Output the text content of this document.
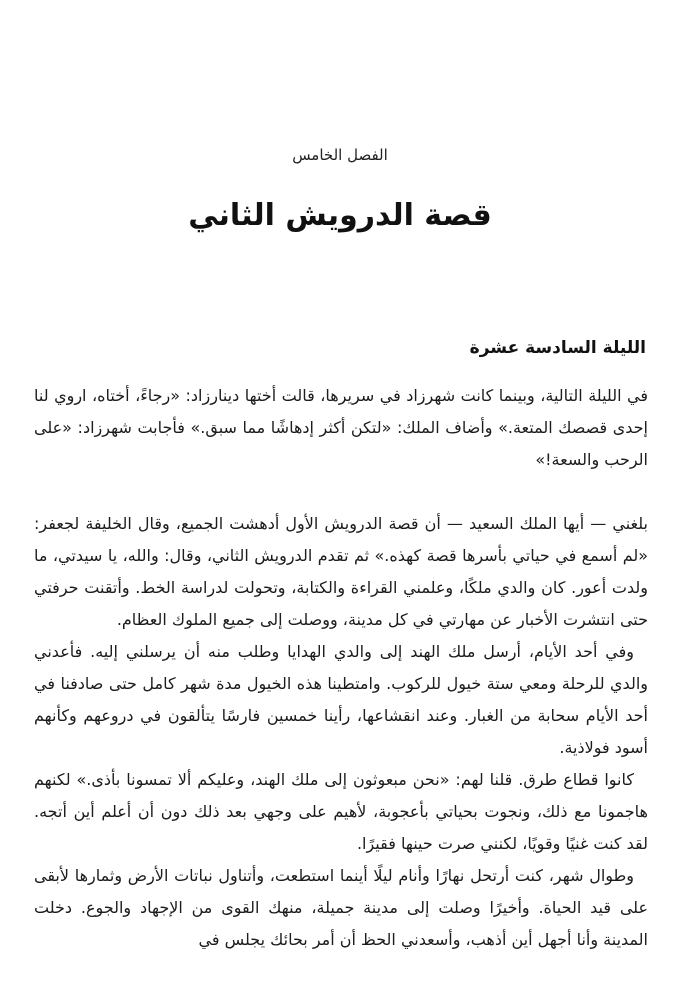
الفصل الخامس
قصة الدرويش الثاني
الليلة السادسة عشرة

في الليلة التالية، وبينما كانت شهرزاد في سريرها، قالت أختها دينارزاد: «رجاءً، أختاه، اروي لنا إحدى قصصك المتعة.» وأضاف الملك: «لتكن أكثر إدهاشًا مما سبق.» فأجابت شهرزاد: «على الرحب والسعة!»

بلغني — أيها الملك السعيد — أن قصة الدرويش الأول أدهشت الجميع، وقال الخليفة لجعفر: «لم أسمع في حياتي بأسرها قصة كهذه.» ثم تقدم الدرويش الثاني، وقال: والله، يا سيدتي، ما ولدت أعور. كان والدي ملكًا، وعلمني القراءة والكتابة، وتحولت لدراسة الخط. وأتقنت حرفتي حتى انتشرت الأخبار عن مهارتي في كل مدينة، ووصلت إلى جميع الملوك العظام.

وفي أحد الأيام، أرسل ملك الهند إلى والدي الهدايا وطلب منه أن يرسلني إليه. فأعدني والدي للرحلة ومعي ستة خيول للركوب. وامتطينا هذه الخيول مدة شهر كامل حتى صادفنا في أحد الأيام سحابة من الغبار. وعند انقشاعها، رأينا خمسين فارسًا يتألقون في دروعهم وكأنهم أسود فولاذية.

كانوا قطاع طرق. قلنا لهم: «نحن مبعوثون إلى ملك الهند، وعليكم ألا تمسونا بأذى.» لكنهم هاجمونا مع ذلك، ونجوت بحياتي بأعجوبة، لأهيم على وجهي بعد ذلك دون أن أعلم أين أتجه. لقد كنت غنيًا وقويًا، لكنني صرت حينها فقيرًا.

وطوال شهر، كنت أرتحل نهارًا وأنام ليلًا أينما استطعت، وأتناول نباتات الأرض وثمارها لأبقى على قيد الحياة. وأخيرًا وصلت إلى مدينة جميلة، منهك القوى من الإجهاد والجوع. دخلت المدينة وأنا أجهل أين أذهب، وأسعدني الحظ أن أمر بحائك يجلس في
